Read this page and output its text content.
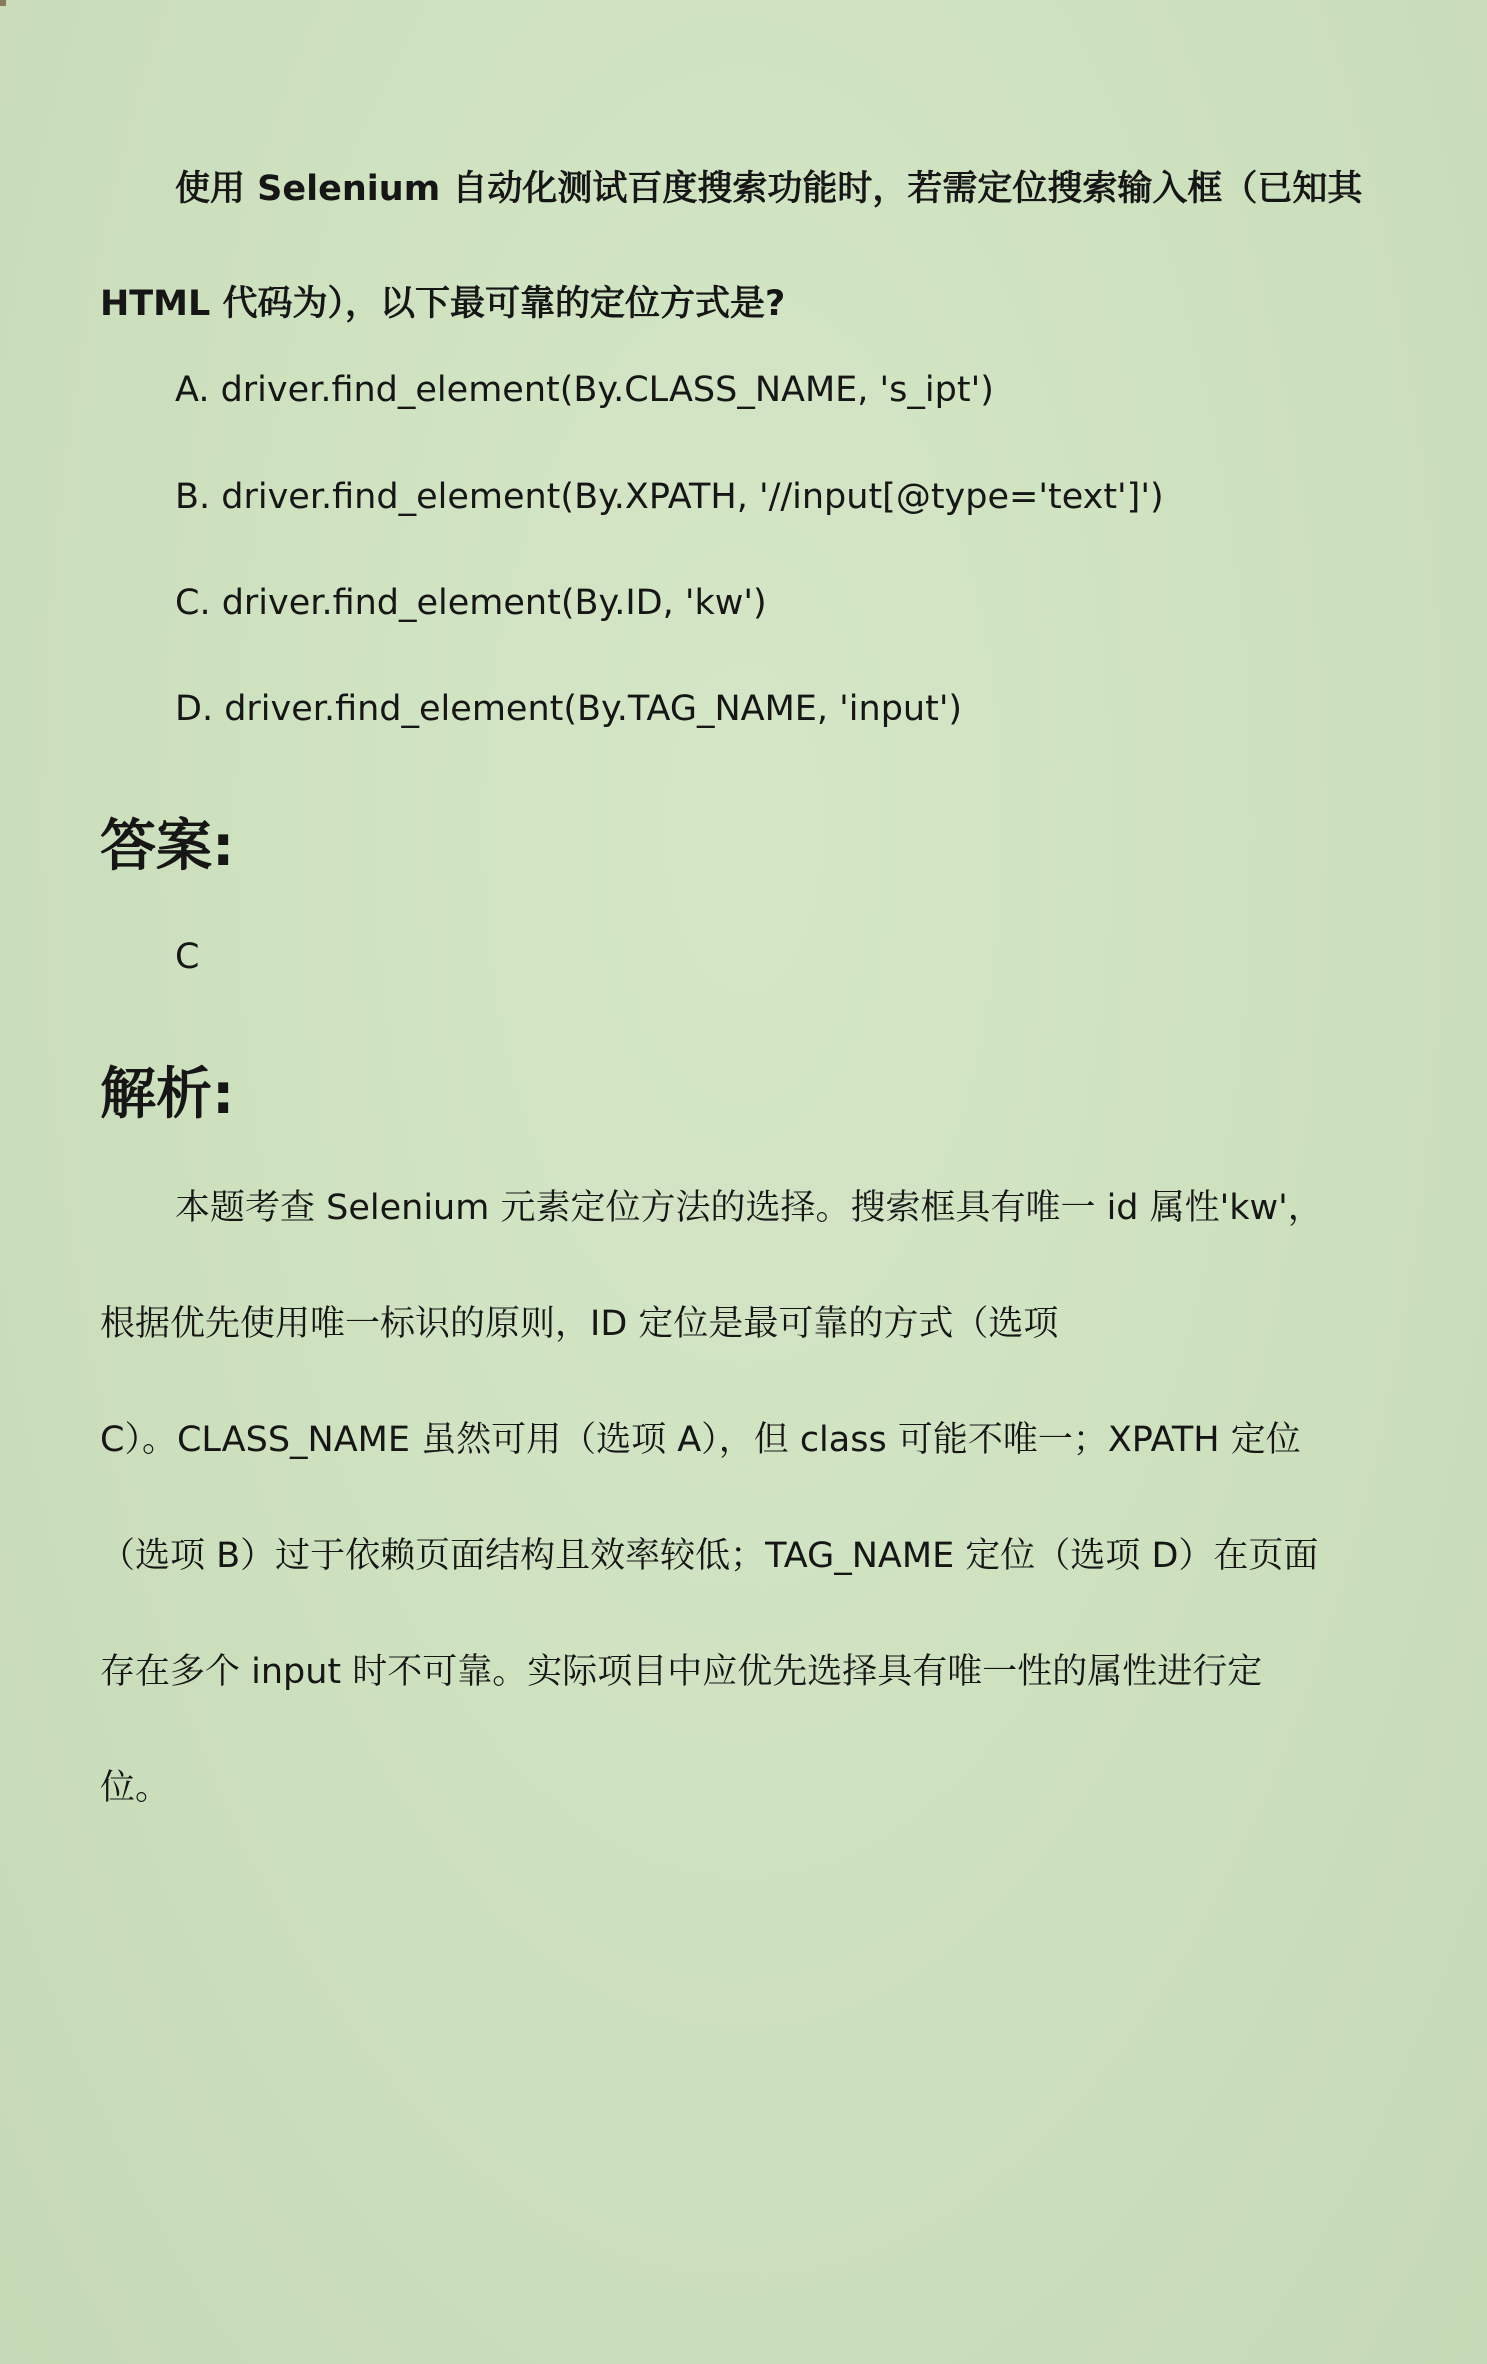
使用 Selenium 自动化测试百度搜索功能时，若需定位搜索输入框（已知其 HTML 代码为），以下最可靠的定位方式是?

A. driver.find_element(By.CLASS_NAME, 's_ipt')

B. driver.find_element(By.XPATH, '//input[@type='text']')

C. driver.find_element(By.ID, 'kw')

D. driver.find_element(By.TAG_NAME, 'input')

答案:

C

解析:
本题考查 Selenium 元素定位方法的选择。搜索框具有唯一 id 属性'kw'，
根据优先使用唯一标识的原则，ID 定位是最可靠的方式（选项
C）。CLASS_NAME 虽然可用（选项 A），但 class 可能不唯一；XPATH 定位
（选项 B）过于依赖页面结构且效率较低；TAG_NAME 定位（选项 D）在页面
存在多个 input 时不可靠。实际项目中应优先选择具有唯一性的属性进行定
位。
